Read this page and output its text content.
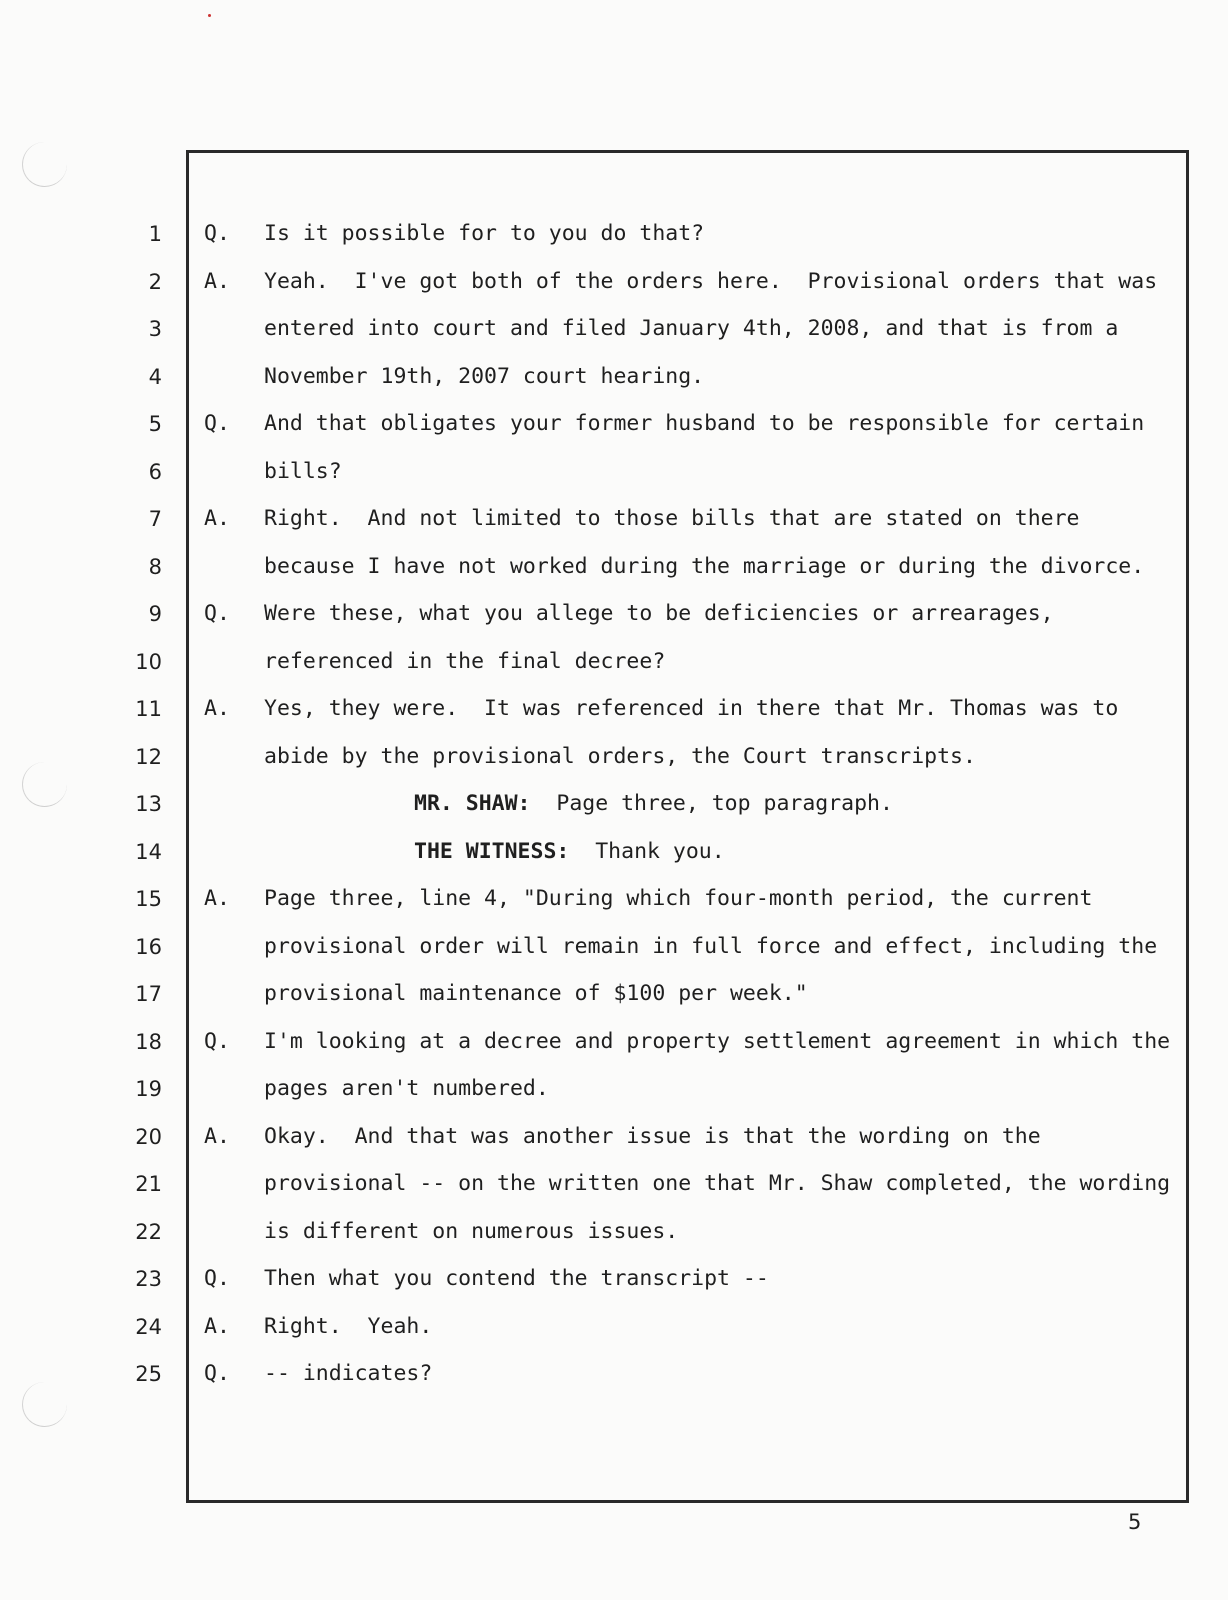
1 Q. Is it possible for to you do that?
2 A. Yeah.  I've got both of the orders here.  Provisional orders that was
3	entered into court and filed January 4th, 2008, and that is from a
4	November 19th, 2007 court hearing.
5 Q. And that obligates your former husband to be responsible for certain
6	bills?
7 A. Right.  And not limited to those bills that are stated on there
8	because I have not worked during the marriage or during the divorce.
9 Q. Were these, what you allege to be deficiencies or arrearages,
10	referenced in the final decree?
11 A. Yes, they were.  It was referenced in there that Mr. Thomas was to
12	abide by the provisional orders, the Court transcripts.
13	MR. SHAW: Page three, top paragraph.
14	THE WITNESS: Thank you.
15 A. Page three, line 4, "During which four-month period, the current
16	provisional order will remain in full force and effect, including the
17	provisional maintenance of $100 per week."
18 Q. I'm looking at a decree and property settlement agreement in which the
19	pages aren't numbered.
20 A. Okay.  And that was another issue is that the wording on the
21	provisional -- on the written one that Mr. Shaw completed, the wording
22	is different on numerous issues.
23 Q. Then what you contend the transcript --
24 A. Right.  Yeah.
25 Q. -- indicates?
5
